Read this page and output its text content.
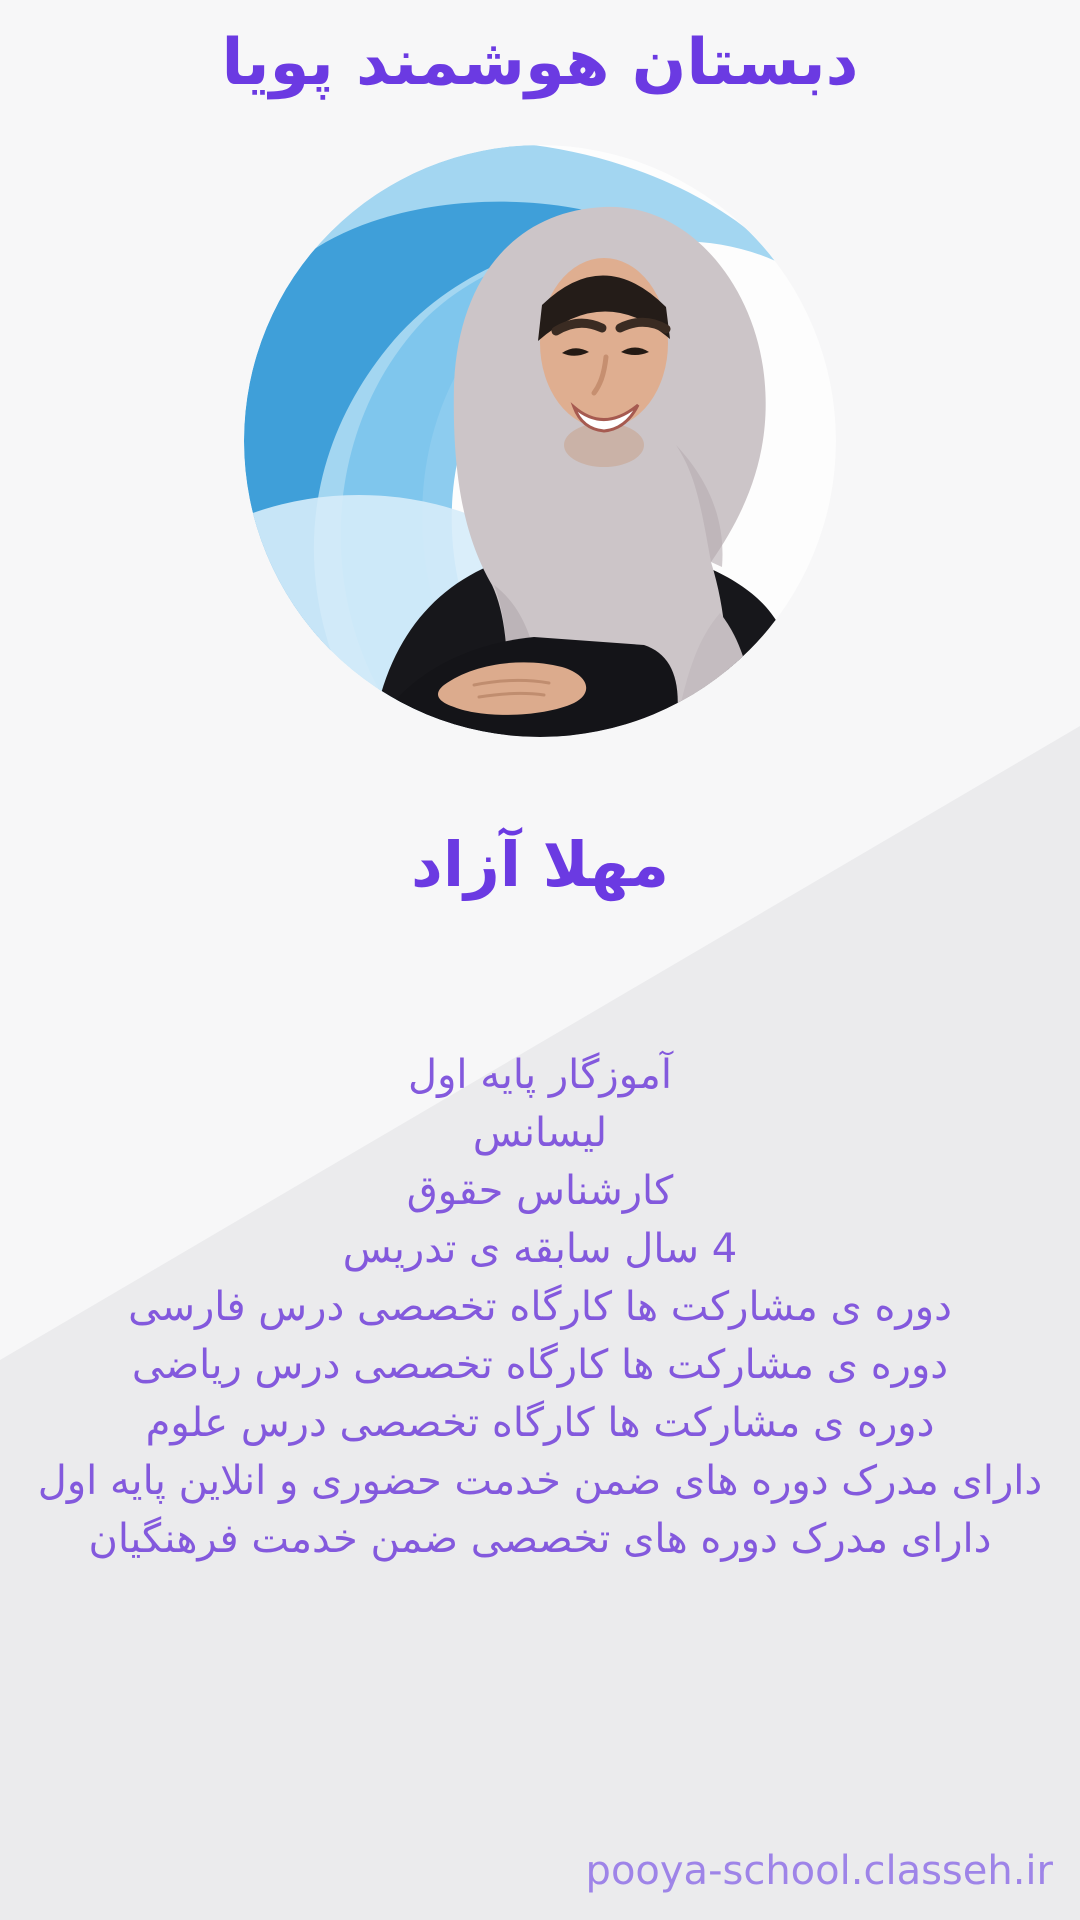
دبستان هوشمند پویا
مهلا آزاد
آموزگار پایه اول
لیسانس
کارشناس حقوق
4 سال سابقه ی تدریس
دوره ی مشارکت ها کارگاه تخصصی درس فارسی
دوره ی مشارکت ها کارگاه تخصصی درس ریاضی
دوره ی مشارکت ها کارگاه تخصصی درس علوم
دارای مدرک دوره های ضمن خدمت حضوری و انلاین پایه اول
دارای مدرک دوره های تخصصی ضمن خدمت فرهنگیان
pooya-school.classeh.ir
